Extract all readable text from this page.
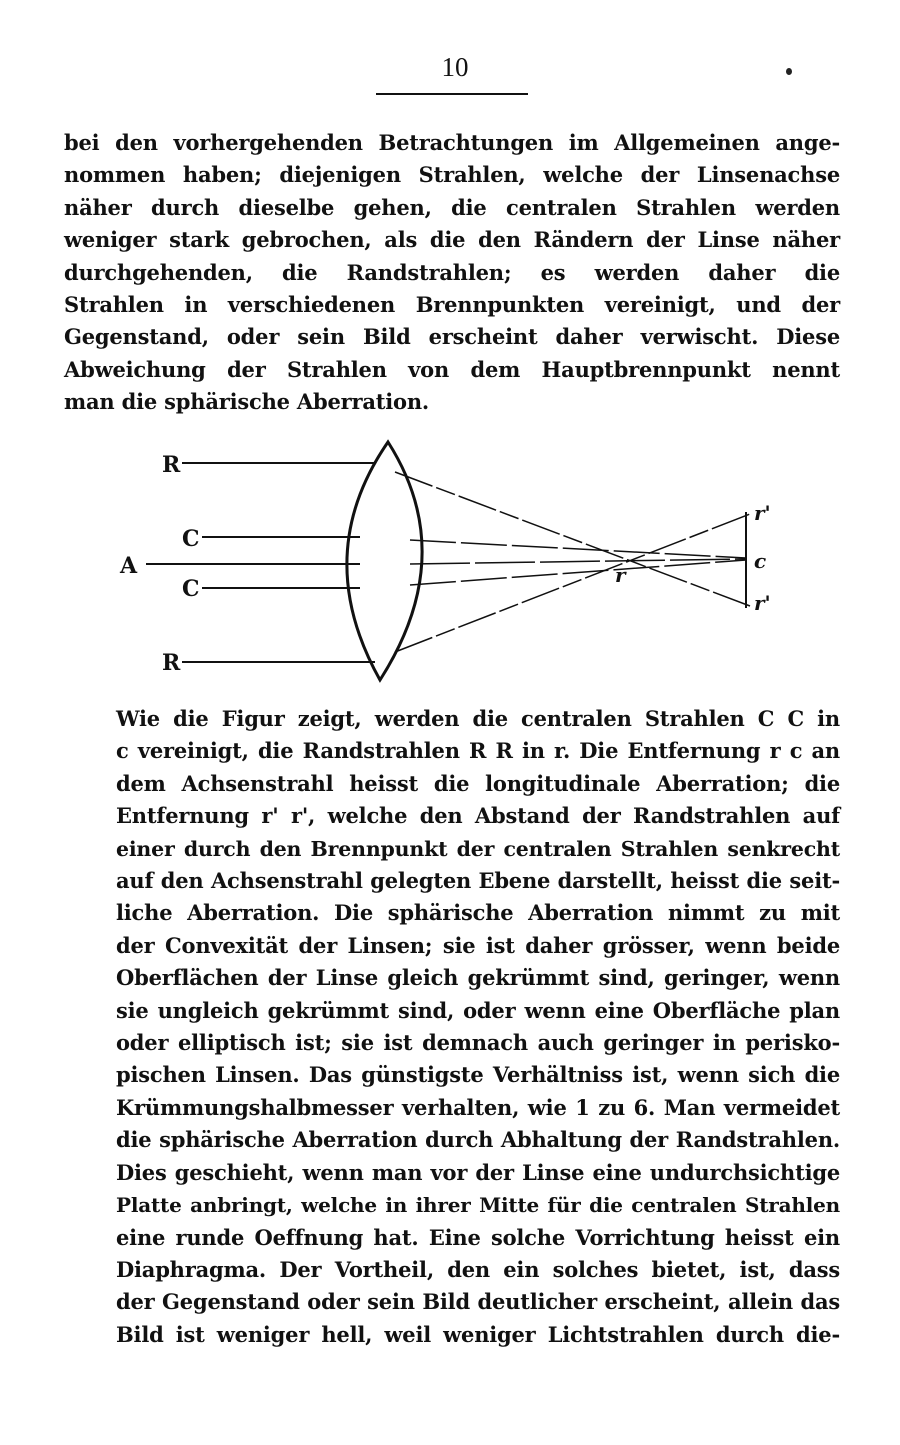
10
bei den vorhergehenden Betrachtungen im Allgemeinen ange-
nommen haben; diejenigen Strahlen, welche der Linsenachse
näher durch dieselbe gehen, die centralen Strahlen werden
weniger stark gebrochen, als die den Rändern der Linse näher
durchgehenden, die Randstrahlen; es werden daher die
Strahlen in verschiedenen Brennpunkten vereinigt, und der
Gegenstand, oder sein Bild erscheint daher verwischt. Diese
Abweichung der Strahlen von dem Hauptbrennpunkt nennt
man die sphärische Aberration.
R
C
A
C
R
r
r'
c
r'
Wie die Figur zeigt, werden die centralen Strahlen C C in
c vereinigt, die Randstrahlen R R in r. Die Entfernung r c an
dem Achsenstrahl heisst die longitudinale Aberration; die
Entfernung r' r', welche den Abstand der Randstrahlen auf
einer durch den Brennpunkt der centralen Strahlen senkrecht
auf den Achsenstrahl gelegten Ebene darstellt, heisst die seit-
liche Aberration. Die sphärische Aberration nimmt zu mit
der Convexität der Linsen; sie ist daher grösser, wenn beide
Oberflächen der Linse gleich gekrümmt sind, geringer, wenn
sie ungleich gekrümmt sind, oder wenn eine Oberfläche plan
oder elliptisch ist; sie ist demnach auch geringer in perisko-
pischen Linsen. Das günstigste Verhältniss ist, wenn sich die
Krümmungshalbmesser verhalten, wie 1 zu 6. Man vermeidet
die sphärische Aberration durch Abhaltung der Randstrahlen.
Dies geschieht, wenn man vor der Linse eine undurchsichtige
Platte anbringt, welche in ihrer Mitte für die centralen Strahlen
eine runde Oeffnung hat. Eine solche Vorrichtung heisst ein
Diaphragma. Der Vortheil, den ein solches bietet, ist, dass
der Gegenstand oder sein Bild deutlicher erscheint, allein das
Bild ist weniger hell, weil weniger Lichtstrahlen durch die-
